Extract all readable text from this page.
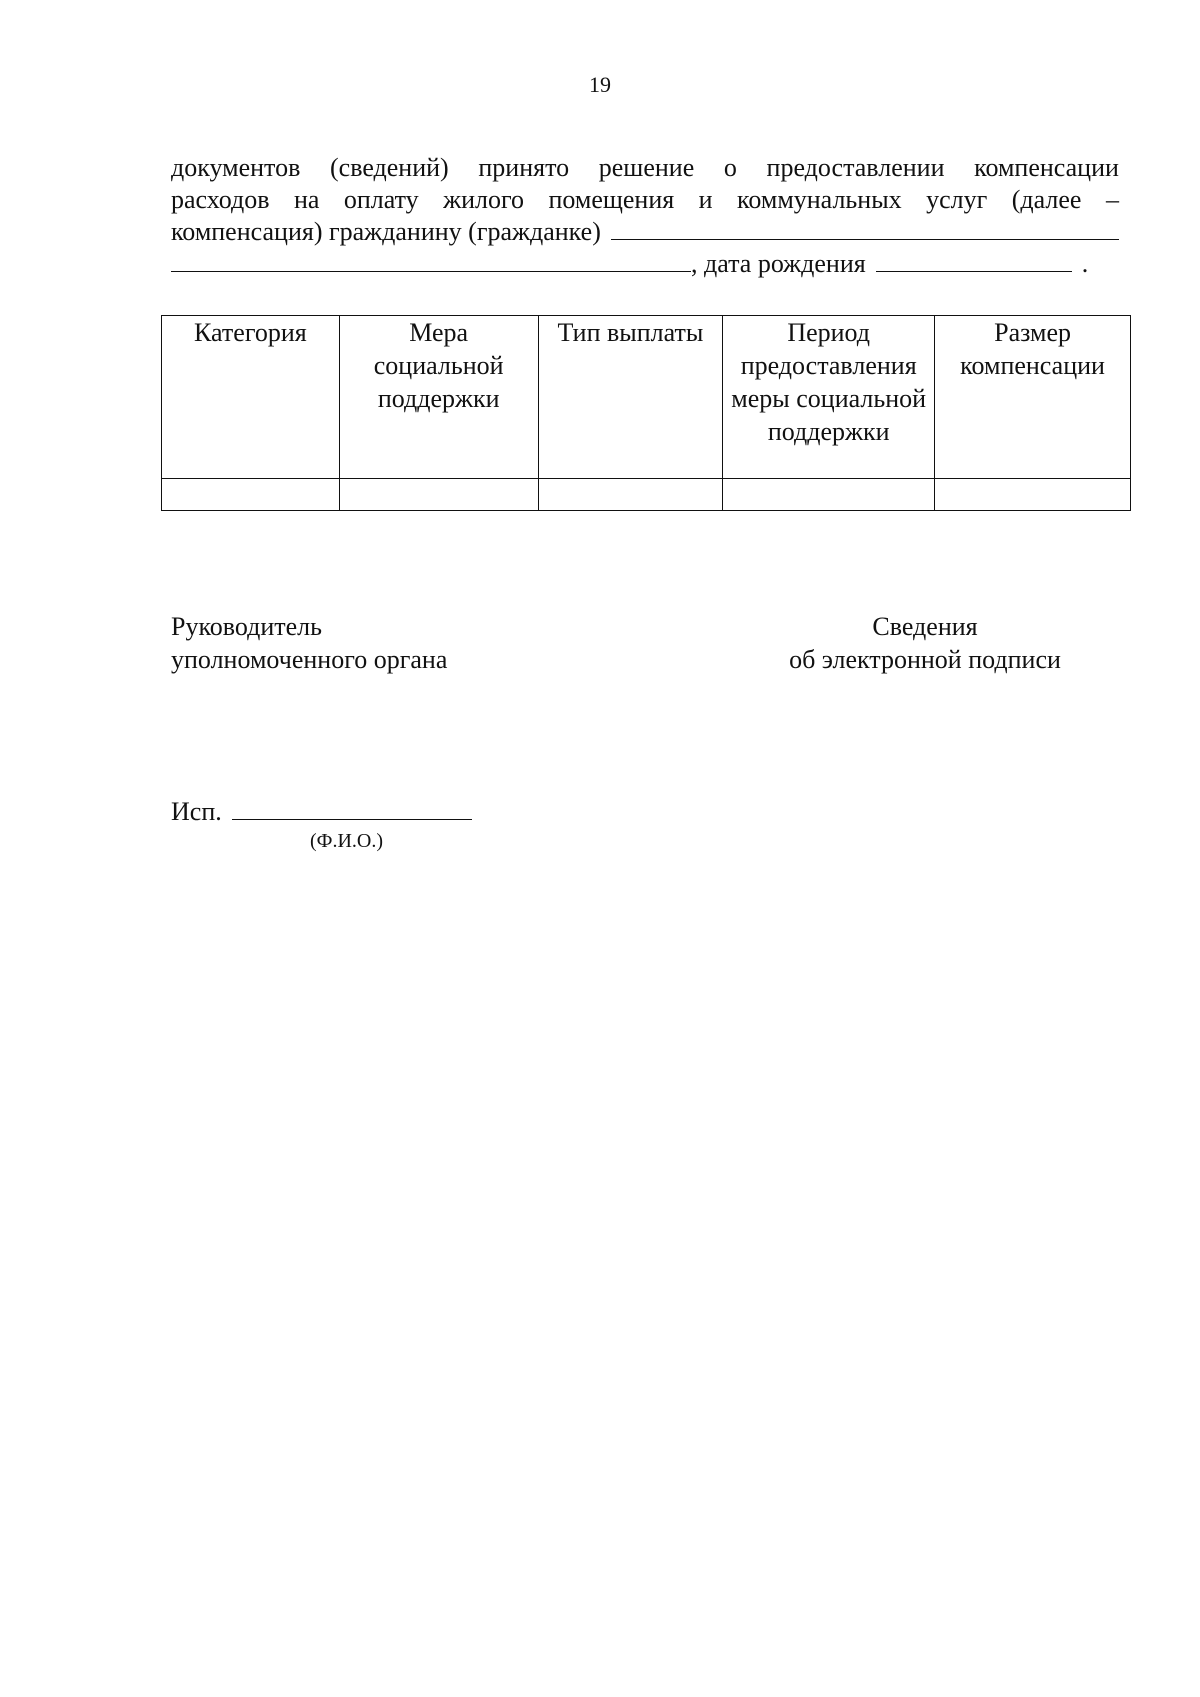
19
документов (сведений) принято решение о предоставлении компенсации
расходов на оплату жилого помещения и коммунальных услуг (далее –
компенсация) гражданину (гражданке)
, дата рождения	.
Категория	Мера социальной поддержки	Тип выплаты	Период предоставления меры социальной поддержки	Размер компенсации

Руководитель
уполномоченного органа
Сведения
об электронной подписи
Исп.
(Ф.И.О.)
